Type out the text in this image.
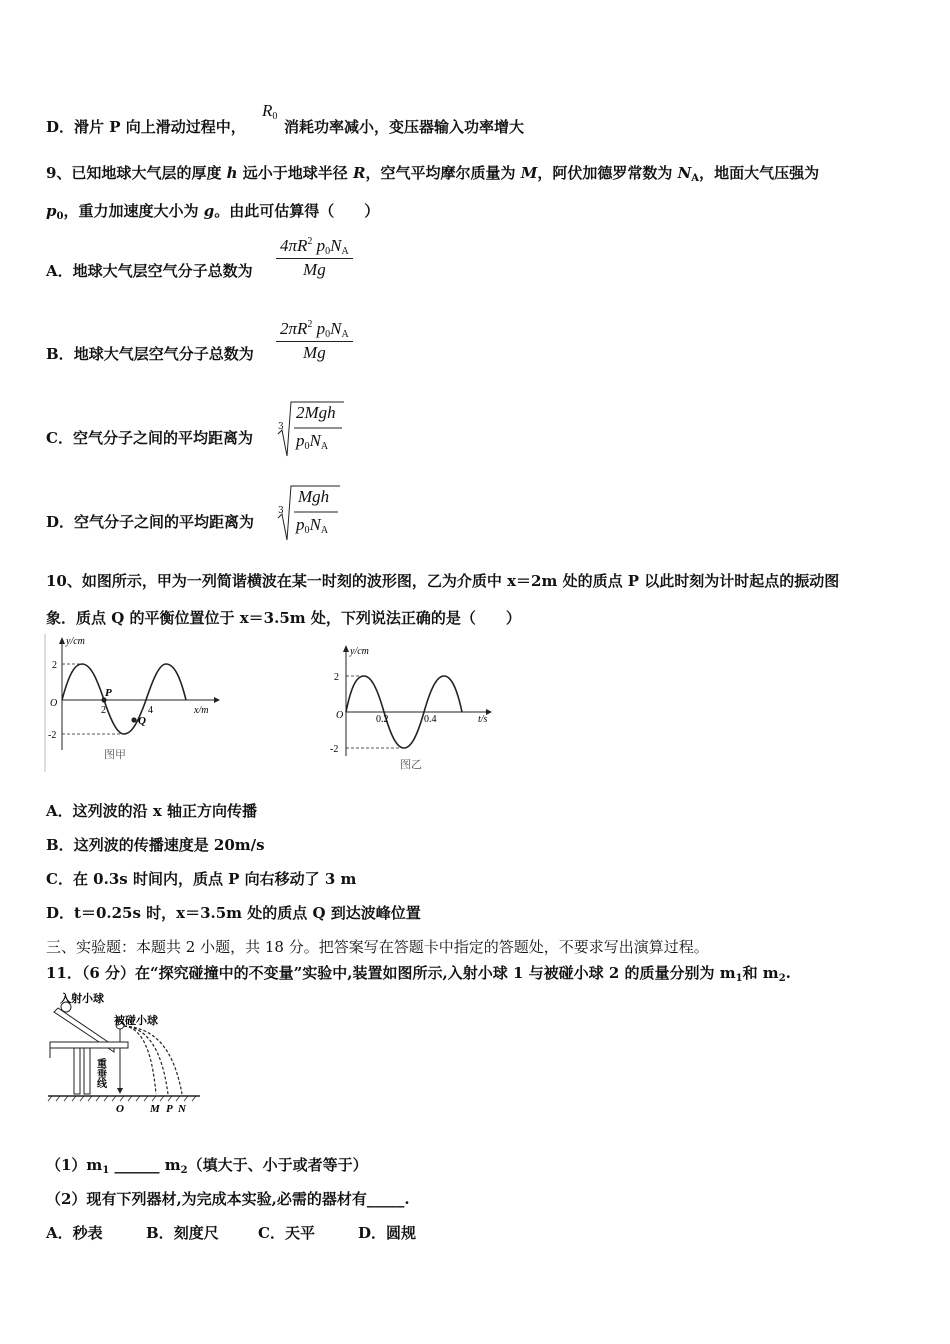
D．滑片 P 向上滑动过程中，
$R_0$
消耗功率减小，变压器输入功率增大
9、已知地球大气层的厚度 h 远小于地球半径 R，空气平均摩尔质量为 M，阿伏加德罗常数为 $N_A$，地面大气压强为
$p_0$，重力加速度大小为 g。由此可估算得（　　）
A．地球大气层空气分子总数为
$4\pi R^2$ $p_0N_A$
Mg
B．地球大气层空气分子总数为
$2\pi R^2$ $p_0N_A$
Mg
C．空气分子之间的平均距离为
3
2Mgh
$p_0N_A$
D．空气分子之间的平均距离为
3
Mgh
$p_0N_A$
10、如图所示，甲为一列简谐横波在某一时刻的波形图，乙为介质中 x＝2m 处的质点 P 以此时刻为计时起点的振动图
象．质点 Q 的平衡位置位于 x＝3.5m 处，下列说法正确的是（　　）
y/cm
x/m
2
-2
O
2	4
P
Q
图甲
y/cm
t/s
2
-2
O	0.2	0.4
图乙
A．这列波的沿 x 轴正方向传播
B．这列波的传播速度是 20m/s
C．在 0.3s 时间内，质点 P 向右移动了 3 m
D．t＝0.25s 时，x＝3.5m 处的质点 Q 到达波峰位置
三、实验题：本题共 2 小题，共 18 分。把答案写在答题卡中指定的答题处，不要求写出演算过程。
11．（6 分）在“探究碰撞中的不变量”实验中,装置如图所示,入射小球 1 与被碰小球 2 的质量分别为 $m_1$和 $m_2$.
入射小球
被碰小球
重垂线
O M P N
$(1)m_1$ ______ $m_2$（填大于、小于或者等于）
（2）现有下列器材,为完成本实验,必需的器材有_____.
A．秒表	B．刻度尺	C．天平	D．圆规
